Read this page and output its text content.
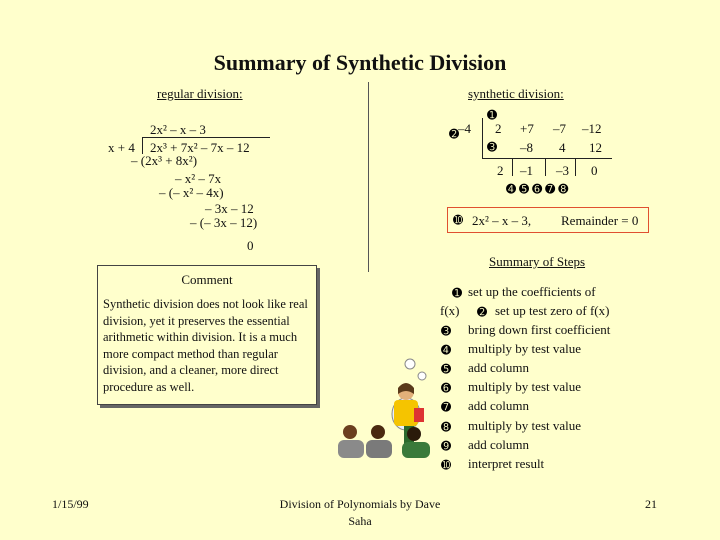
Summary of Synthetic Division
regular division:
2x² – x – 3
x + 4 2x³ + 7x² – 7x – 12
– (2x³ + 8x²)
– x² – 7x
– (– x² – 4x)
– 3x – 12
– (– 3x – 12)
0
synthetic division:
➊
➋
–4 2 +7 –7 –12
➌ –8 4 12
2 –1 –3 0
➍➎➏➐➑
➓ 2x² – x – 3, Remainder = 0
Comment
Synthetic division does not look like real division, yet it preserves the essential arithmetic within division. It is a much more compact method than regular division, and a cleaner, more direct procedure as well.
Summary of Steps
➊ set up the coefficients of
f(x) ➋ set up test zero of f(x)
➌ bring down first coefficient
➍ multiply by test value
➎ add column
➏ multiply by test value
➐ add column
➑ multiply by test value
➒ add column
➓ interpret result
1/15/99	Division of Polynomials by Dave
Saha
21
